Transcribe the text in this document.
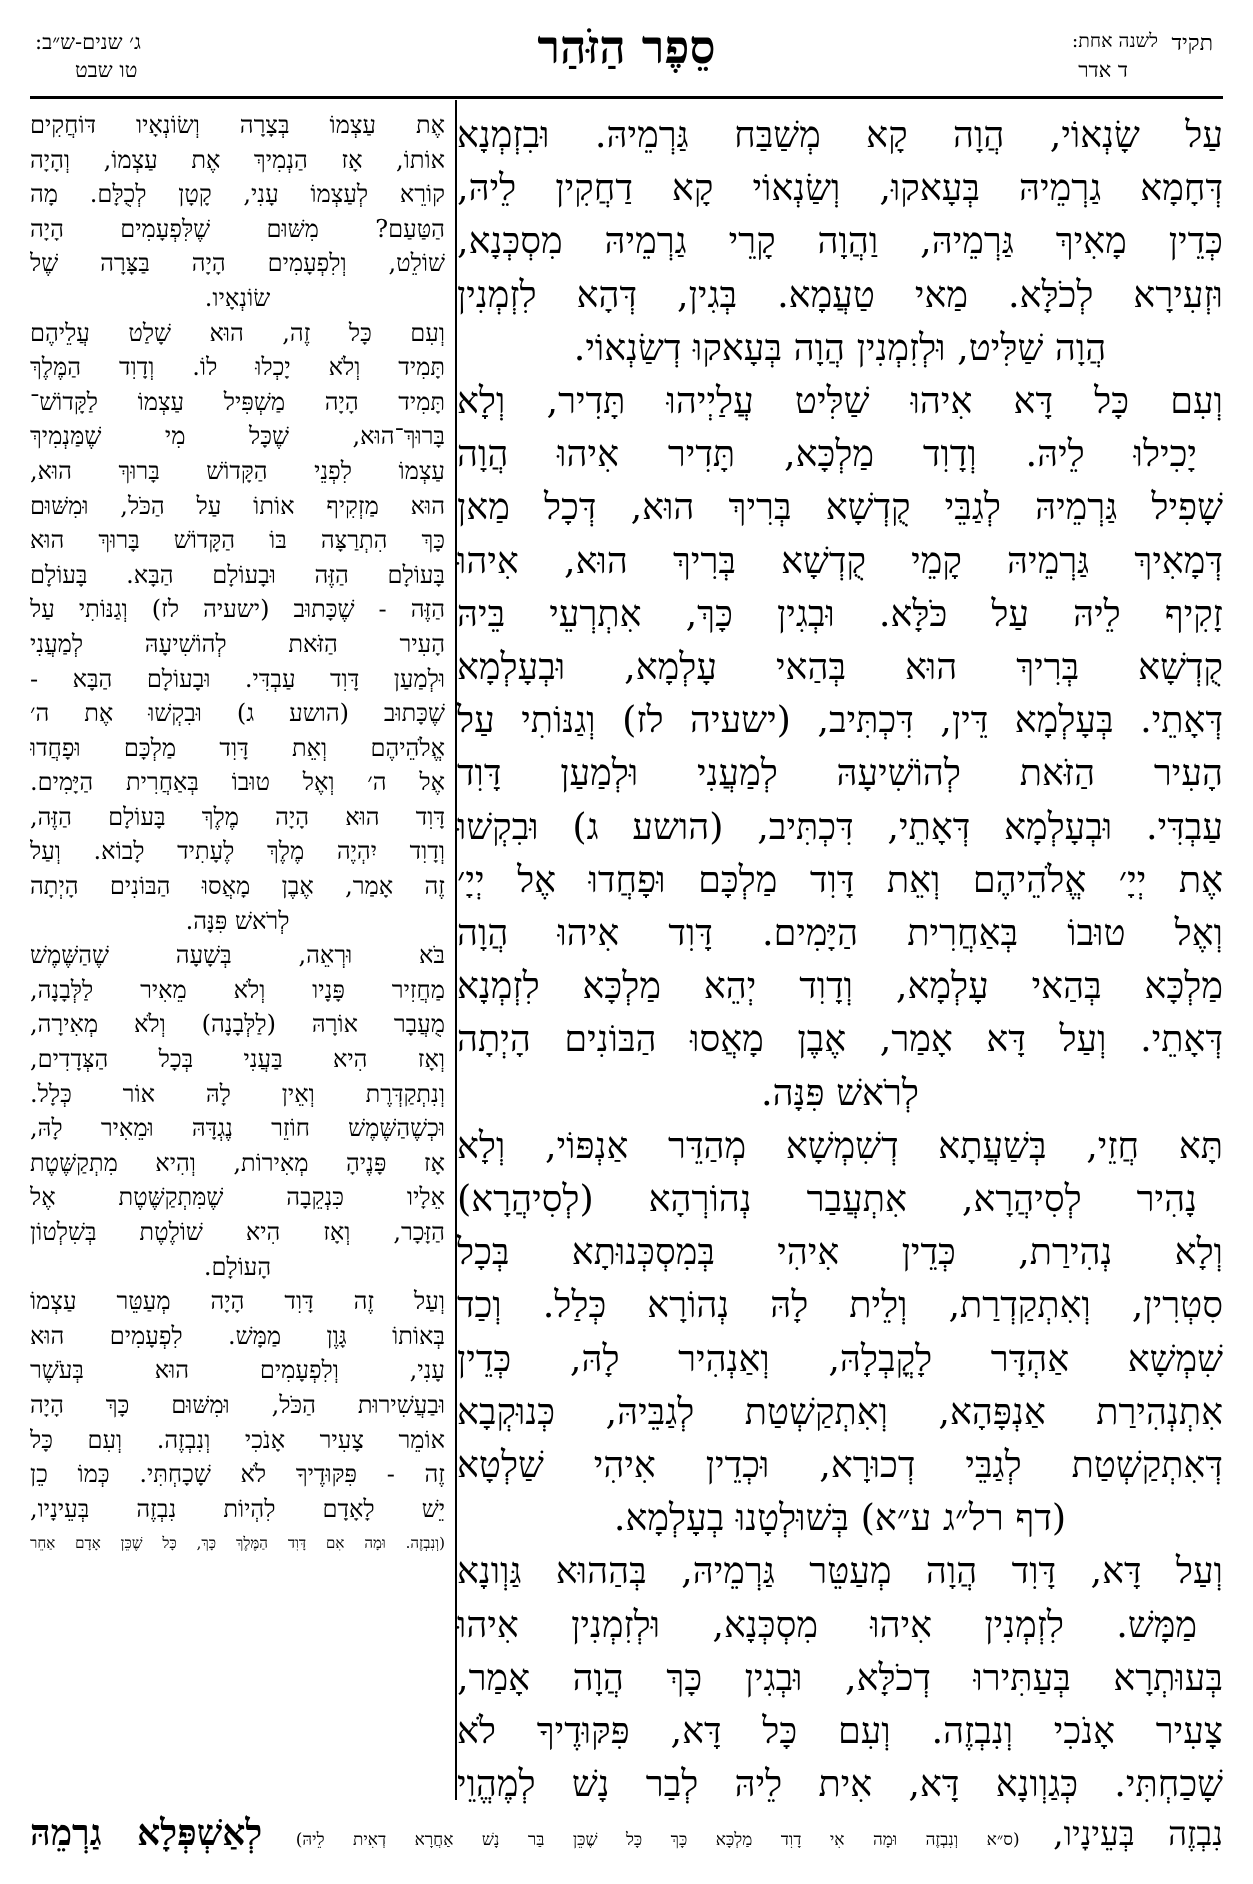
תקיד
לשנה אחת:
ד אדר
סֵפֶר הַזֹּהַר
ג׳ שנים-ש״ב:
טו שבט
עַל שָׂנְאוֹי, הֲוָה קָא מְשַׁבַּח גַּרְמֵיהּ. וּבִזְמְנָא
דְּחָמָא גַרְמֵיהּ בְּעָאקוּ, וְשַׂנְאוֹי קָא דַחֲקִין לֵיהּ,
כְּדֵין מָאִיךְ גַּרְמֵיהּ, וַהֲוָה קָרֵי גַרְמֵיהּ מִסְכְּנָא,
וּזְעִירָא לְכֹלָּא. מַאי טַעֲמָא. בְּגִין, דְּהָא לִזְמְנִין
הֲוָה שַׁלִּיט, וּלְזִמְנִין הֲוָה בְּעָאקוּ דְשַׂנְאוֹי.
וְעִם כָּל דָּא אִיהוּ שַׁלִּיט עֲלַיְיהוּ תָּדִיר, וְלָא
יָכִילוּ לֵיהּ. וְדָוִד מַלְכָּא, תָּדִיר אִיהוּ הֲוָה
שָׁפִיל גַּרְמֵיהּ לְגַבֵּי קֻדְשָׁא בְּרִיךְ הוּא, דְּכָל מַאן
דְּמָאִיךְ גַּרְמֵיהּ קָמֵי קֻדְשָׁא בְּרִיךְ הוּא, אִיהוּ
זָקִיף לֵיהּ עַל כֹּלָּא. וּבְגִין כָּךְ, אִתְרְעֵי בֵּיהּ
קֻדְשָׁא בְּרִיךְ הוּא בְּהַאי עָלְמָא, וּבְעָלְמָא
דְּאָתֵי. בְּעָלְמָא דֵּין, דִּכְתִּיב, (ישעיה לז) וְגַנּוֹתִי עַל
הָעִיר הַזֹּאת לְהוֹשִׁיעָהּ לְמַעֲנִי וּלְמַעַן דָּוִד
עַבְדִּי. וּבְעָלְמָא דְּאָתֵי, דִּכְתִּיב, (הושע ג) וּבִקְשׁוּ
אֶת יְיָ׳ אֱלֹהֵיהֶם וְאֵת דָּוִד מַלְכָּם וּפָחֲדוּ אֶל יְיָ׳
וְאֶל טוּבוֹ בְּאַחֲרִית הַיָּמִים. דָּוִד אִיהוּ הֲוָה
מַלְכָּא בְּהַאי עָלְמָא, וְדָוִד יְהֵא מַלְכָּא לִזְמְנָא
דְּאָתֵי. וְעַל דָּא אָמַר, אֶבֶן מָאֲסוּ הַבּוֹנִים הָיְתָה
לְרֹאשׁ פִּנָּה.
תָּא חֲזֵי, בְּשַׁעֲתָא דְשִׁמְשָׁא מְהַדֵּר אַנְפּוֹי, וְלָא
נָהִיר לְסִיהֲרָא, אִתְעֲבַר נְהוֹרְהָא (לְסִיהֲרָא)
וְלָא נְהִירַת, כְּדֵין אִיהִי בְּמִסְכְּנוּתָא בְּכָל
סִטְרִין, וְאִתְקַדְרַת, וְלֵית לָהּ נְהוֹרָא כְּלַל. וְכַד
שִׁמְשָׁא אַהְדָּר לָקֳבְלָהּ, וְאַנְהִיר לָהּ, כְּדֵין
אִתְנְהִירַת אַנְפָּהָא, וְאִתְקַשְׁטַת לְגַבֵּיהּ, כְּנוּקְבָא
דְּאִתְקַשְׁטַת לְגַבֵּי דְכוּרָא, וּכְדֵין אִיהִי שַׁלְטָא
(דף רל״ג ע״א) בְּשׁוּלְטָנוּ בְעָלְמָא.
וְעַל דָּא, דָּוִד הֲוָה מְעַטֵּר גַּרְמֵיהּ, בְּהַהוּא גַּוְונָא
מַמָּשׁ. לִזְמְנִין אִיהוּ מִסְכְּנָא, וּלְזִמְנִין אִיהוּ
בְּעוּתְרָא בְּעַתִּירוּ דְכֹלָּא, וּבְגִין כָּךְ הֲוָה אָמַר,
צָעִיר אָנֹכִי וְנִבְזֶה. וְעִם כָּל דָּא, פִּקּוּדֶיךָ לֹא
שָׁכַחְתִּי. כְּגַוְונָא דָּא, אִית לֵיהּ לְבַר נָשׁ לְמֶהֱוֵי
אֶת עַצְמוֹ בְּצָרָה וְשׂוֹנְאָיו דּוֹחֲקִים
אוֹתוֹ, אָז הַנְמִיךְ אֶת עַצְמוֹ, וְהָיָה
קוֹרֵא לְעַצְמוֹ עָנִי, קָטָן לְכֻלָּם. מָה
הַטַּעַם? מִשּׁוּם שֶׁלִּפְעָמִים הָיָה
שׁוֹלֵט, וְלִפְעָמִים הָיָה בַּצָּרָה שֶׁל
שׂוֹנְאָיו.
וְעִם כָּל זֶה, הוּא שָׁלַט עֲלֵיהֶם
תָּמִיד וְלֹא יָכְלוּ לוֹ. וְדָוִד הַמֶּלֶךְ
תָּמִיד הָיָה מַשְׁפִּיל עַצְמוֹ לַקָּדוֹשׁ־
בָּרוּךְ־הוּא, שֶׁכָּל מִי שֶׁמַּנְמִיךְ
עַצְמוֹ לִפְנֵי הַקָּדוֹשׁ בָּרוּךְ הוּא,
הוּא מַזְקִיף אוֹתוֹ עַל הַכֹּל, וּמִשּׁוּם
כָּךְ הִתְרַצָּה בּוֹ הַקָּדוֹשׁ בָּרוּךְ הוּא
בָּעוֹלָם הַזֶּה וּבָעוֹלָם הַבָּא. בָּעוֹלָם
הַזֶּה - שֶׁכָּתוּב (ישעיה לז) וְגַנּוֹתִי עַל
הָעִיר הַזֹּאת לְהוֹשִׁיעָהּ לְמַעֲנִי
וּלְמַעַן דָּוִד עַבְדִּי. וּבָעוֹלָם הַבָּא -
שֶׁכָּתוּב (הושע ג) וּבִקְשׁוּ אֶת ה׳
אֱלֹהֵיהֶם וְאֵת דָּוִד מַלְכָּם וּפָחֲדוּ
אֶל ה׳ וְאֶל טוּבוֹ בְּאַחֲרִית הַיָּמִים.
דָּוִד הוּא הָיָה מֶלֶךְ בָּעוֹלָם הַזֶּה,
וְדָוִד יִהְיֶה מֶלֶךְ לֶעָתִיד לָבוֹא. וְעַל
זֶה אָמַר, אֶבֶן מָאֲסוּ הַבּוֹנִים הָיְתָה
לְרֹאשׁ פִּנָּה.
בֹּא וּרְאֵה, בְּשָׁעָה שֶׁהַשֶּׁמֶשׁ
מַחֲזִיר פָּנָיו וְלֹא מֵאִיר לַלְּבָנָה,
מֻעֲבָר אוֹרָהּ (לַלְּבָנָה) וְלֹא מְאִירָה,
וְאָז הִיא בַּעֲנִי בְּכָל הַצְּדָדִים,
וְנִתְקַדְּרֶת וְאֵין לָהּ אוֹר כְּלָל.
וּכְשֶׁהַשֶּׁמֶשׁ חוֹזֵר נֶגְדָּהּ וּמֵאִיר לָהּ,
אָז פָּנֶיהָ מְאִירוֹת, וְהִיא מִתְקַשֶּׁטֶת
אֵלָיו כִּנְקֵבָה שֶׁמִּתְקַשֶּׁטֶת אֶל
הַזָּכָר, וְאָז הִיא שׁוֹלֶטֶת בְּשִׁלְטוֹן
הָעוֹלָם.
וְעַל זֶה דָּוִד הָיָה מְעַטֵּר עַצְמוֹ
בְּאוֹתוֹ גָּוֶן מַמָּשׁ. לִפְעָמִים הוּא
עָנִי, וְלִפְעָמִים הוּא בְּעֹשֶׁר
וּבַעֲשִׁירוּת הַכֹּל, וּמִשּׁוּם כָּךְ הָיָה
אוֹמֵר צָעִיר אָנֹכִי וְנִבְזֶה. וְעִם כָּל
זֶה - פִּקּוּדֶיךָ לֹא שָׁכָחְתִּי. כְּמוֹ כֵן
יֵשׁ לָאָדָם לִהְיוֹת נִבְזֶה בְּעֵינָיו,
(וְנִבְזֶה. וּמָה אִם דָּוִד הַמֶּלֶךְ כָּךְ, כָּל שֶׁכֵּן אָדָם אַחֵר
נִבְזֶה בְּעֵינָיו, (ס״א וְנִבְזֶה וּמָה אִי דָוִד מַלְכָּא כָּךְ כָּל שֶׁכֵּן בַּר נָשׁ אַחֲרָא דְאִית לֵיהּ) לְאַשְׁפְּלָא גַרְמֵהּ
